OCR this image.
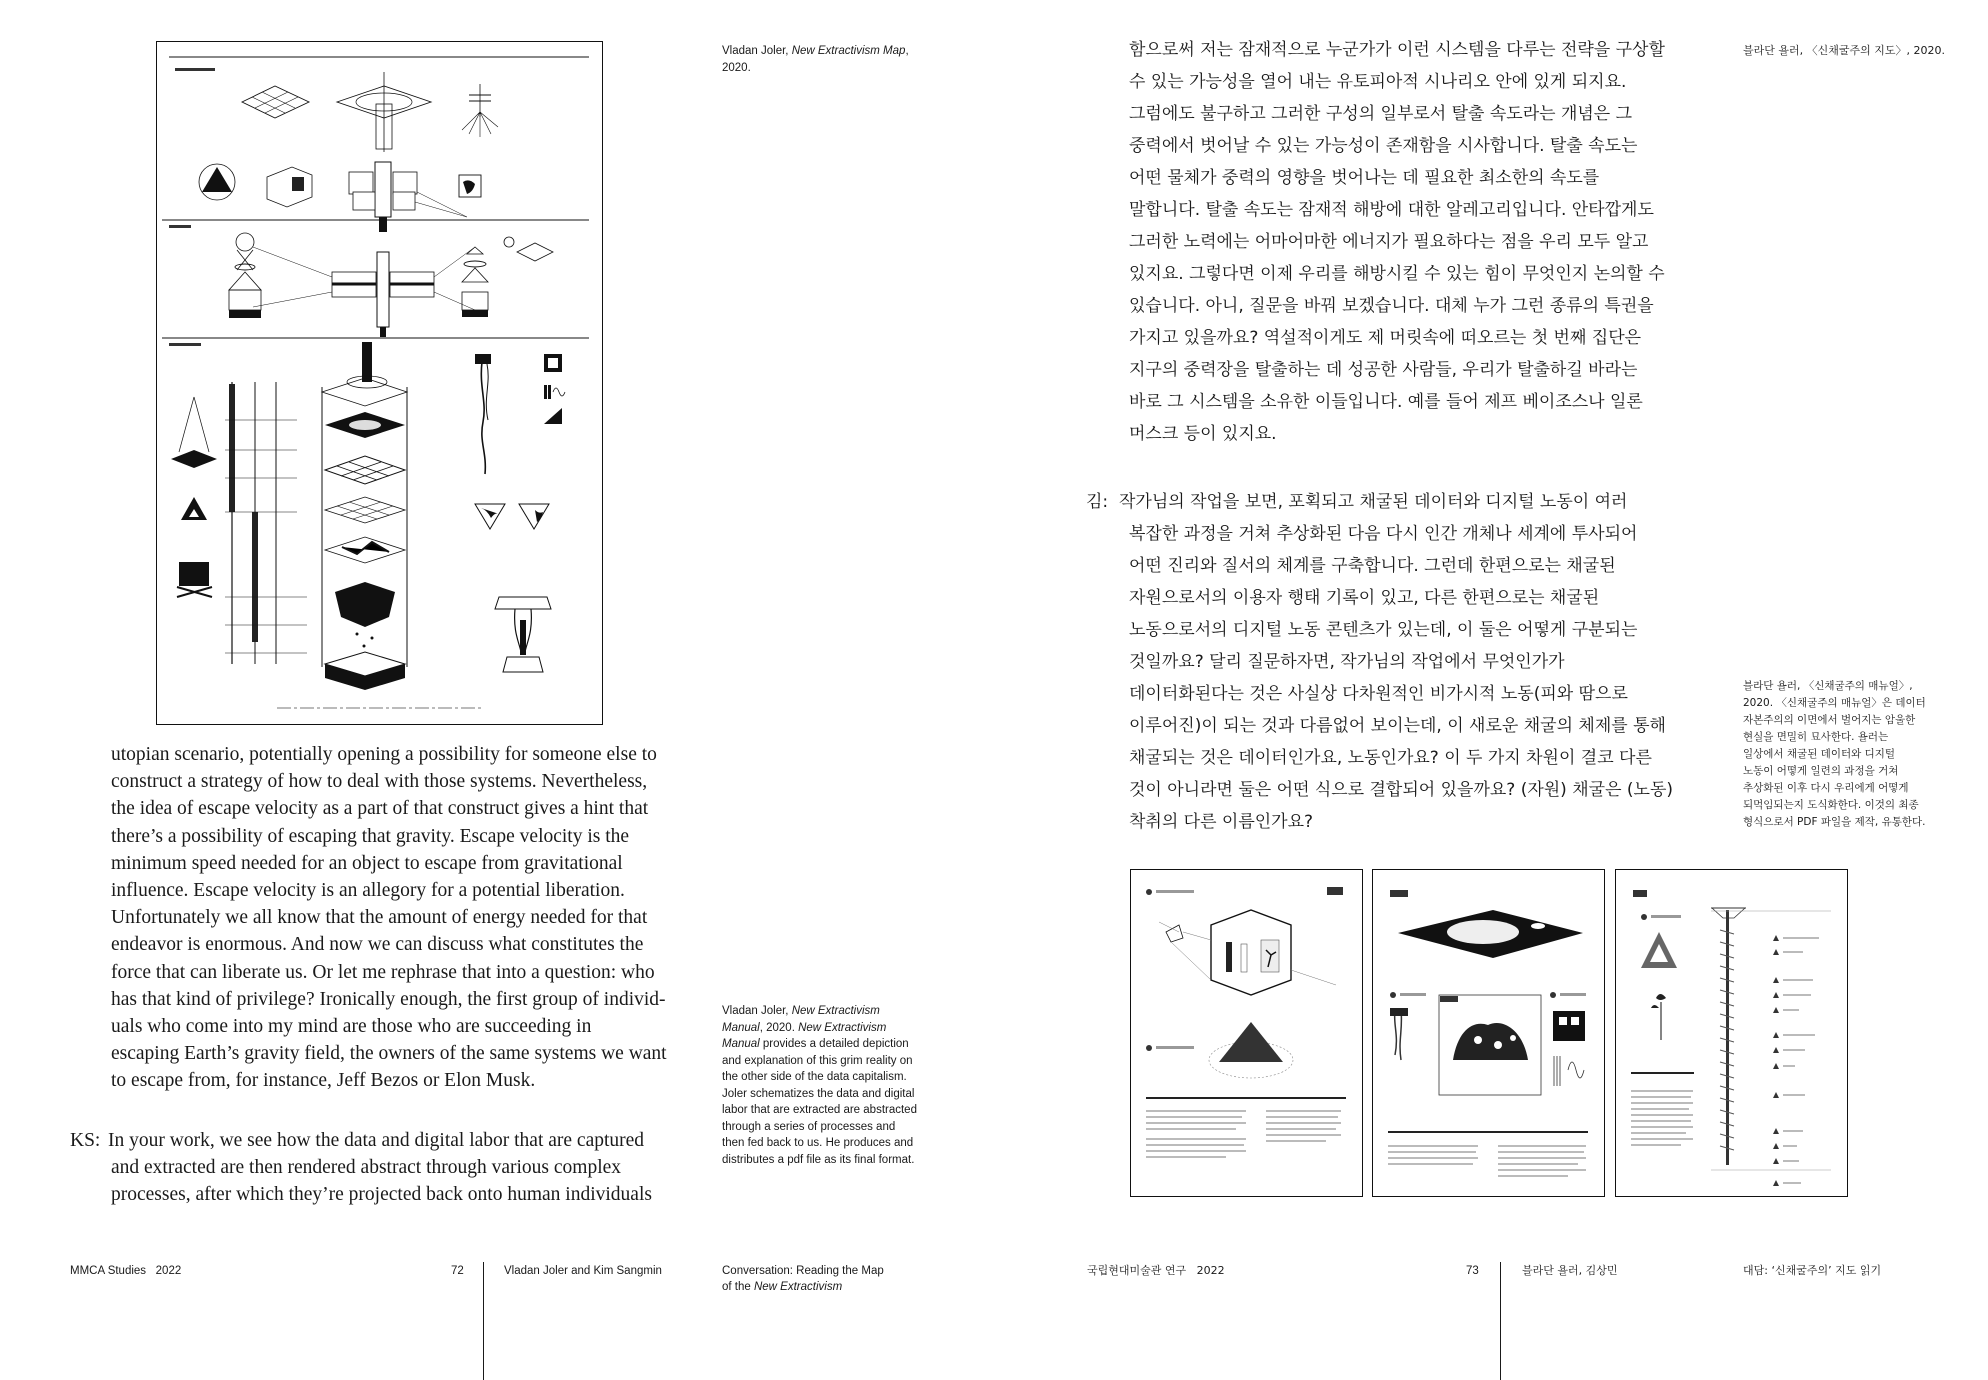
Vladan Joler, New Extractivism Map, 2020.
utopian scenario, potentially opening a possibility for someone else to
construct a strategy of how to deal with those systems. Nevertheless,
the idea of escape velocity as a part of that construct gives a hint that
there’s a possibility of escaping that gravity. Escape velocity is the
minimum speed needed for an object to escape from gravitational
influence. Escape velocity is an allegory for a potential liberation.
Unfortunately we all know that the amount of energy needed for that
endeavor is enormous. And now we can discuss what constitutes the
force that can liberate us. Or let me rephrase that into a question: who
has that kind of privilege? Ironically enough, the first group of individ-
uals who come into my mind are those who are succeeding in
escaping Earth’s gravity field, the owners of the same systems we want
to escape from, for instance, Jeff Bezos or Elon Musk.
KS: In your work, we see how the data and digital labor that are captured
and extracted are then rendered abstract through various complex
processes, after which they’re projected back onto human individuals
Vladan Joler, New Extractivism Manual, 2020. New Extractivism Manual provides a detailed depiction and explanation of this grim reality on the other side of the data capitalism. Joler schematizes the data and digital labor that are extracted are abstracted through a series of processes and then fed back to us. He produces and distributes a pdf file as its final format.
MMCA Studies 2022	72	Vladan Joler and Kim Sangmin	Conversation: Reading the Map
of the New Extractivism
함으로써 저는 잠재적으로 누군가가 이런 시스템을 다루는 전략을 구상할
수 있는 가능성을 열어 내는 유토피아적 시나리오 안에 있게 되지요.
그럼에도 불구하고 그러한 구성의 일부로서 탈출 속도라는 개념은 그
중력에서 벗어날 수 있는 가능성이 존재함을 시사합니다. 탈출 속도는
어떤 물체가 중력의 영향을 벗어나는 데 필요한 최소한의 속도를
말합니다. 탈출 속도는 잠재적 해방에 대한 알레고리입니다. 안타깝게도
그러한 노력에는 어마어마한 에너지가 필요하다는 점을 우리 모두 알고
있지요. 그렇다면 이제 우리를 해방시킬 수 있는 힘이 무엇인지 논의할 수
있습니다. 아니, 질문을 바꿔 보겠습니다. 대체 누가 그런 종류의 특권을
가지고 있을까요? 역설적이게도 제 머릿속에 떠오르는 첫 번째 집단은
지구의 중력장을 탈출하는 데 성공한 사람들, 우리가 탈출하길 바라는
바로 그 시스템을 소유한 이들입니다. 예를 들어 제프 베이조스나 일론
머스크 등이 있지요.
김: 작가님의 작업을 보면, 포획되고 채굴된 데이터와 디지털 노동이 여러
복잡한 과정을 거쳐 추상화된 다음 다시 인간 개체나 세계에 투사되어
어떤 진리와 질서의 체계를 구축합니다. 그런데 한편으로는 채굴된
자원으로서의 이용자 행태 기록이 있고, 다른 한편으로는 채굴된
노동으로서의 디지털 노동 콘텐츠가 있는데, 이 둘은 어떻게 구분되는
것일까요? 달리 질문하자면, 작가님의 작업에서 무엇인가가
데이터화된다는 것은 사실상 다차원적인 비가시적 노동(피와 땀으로
이루어진)이 되는 것과 다름없어 보이는데, 이 새로운 채굴의 체제를 통해
채굴되는 것은 데이터인가요, 노동인가요? 이 두 가지 차원이 결코 다른
것이 아니라면 둘은 어떤 식으로 결합되어 있을까요? (자원) 채굴은 (노동)
착취의 다른 이름인가요?
블라단 욜러, 〈신채굴주의 지도〉, 2020.
블라단 욜러, 〈신채굴주의 매뉴얼〉,
2020. 〈신채굴주의 매뉴얼〉은 데이터
자본주의의 이면에서 벌어지는 암울한
현실을 면밀히 묘사한다. 욜러는
일상에서 채굴된 데이터와 디지털
노동이 어떻게 일련의 과정을 거쳐
추상화된 이후 다시 우리에게 어떻게
되먹임되는지 도식화한다. 이것의 최종
형식으로서 PDF 파일을 제작, 유통한다.
국립현대미술관 연구 2022	73	블라단 욜러, 김상민	대담: ‘신채굴주의’ 지도 읽기
